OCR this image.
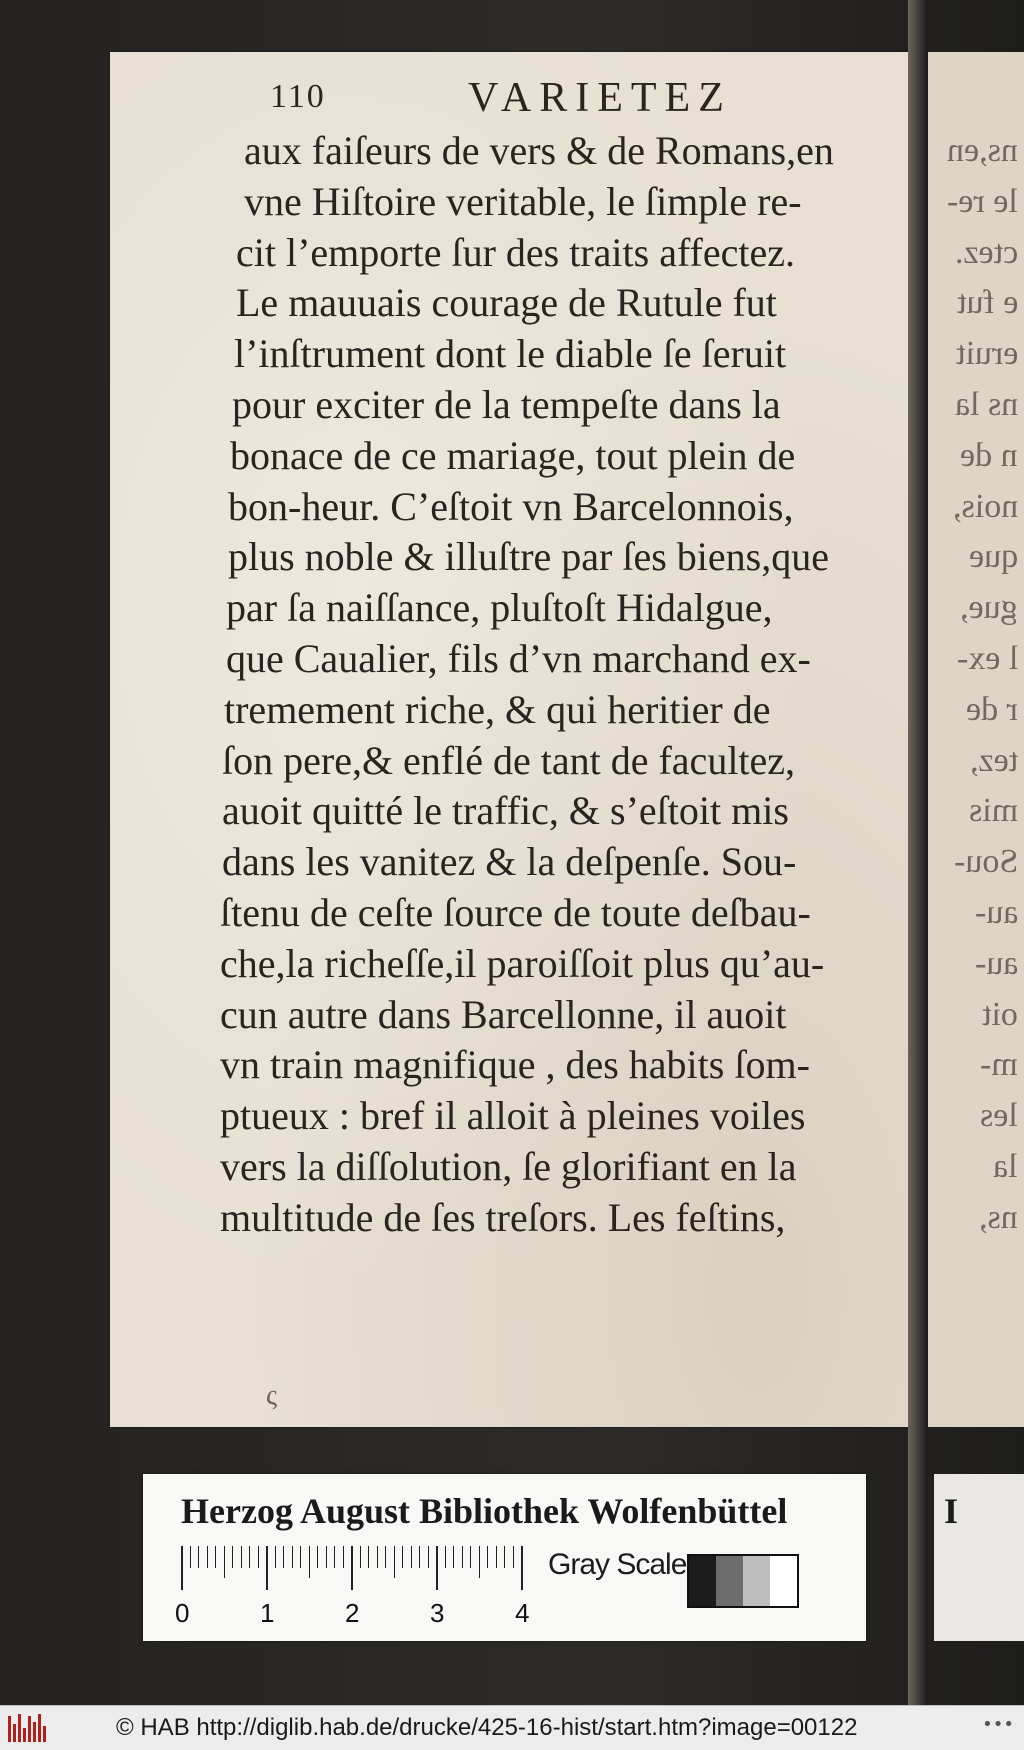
110	VARIETEZ
aux faiſeurs de vers & de Romans,en
vne Hiſtoire veritable, le ſimple re-
cit l’emporte ſur des traits affectez.
Le mauuais courage de Rutule fut
l’inſtrument dont le diable ſe ſeruit
pour exciter de la tempeſte dans la
bonace de ce mariage, tout plein de
bon-heur. C’eſtoit vn Barcelonnois,
plus noble & illuſtre par ſes biens,que
par ſa naiſſance, pluſtoſt Hidalgue,
que Caualier, fils d’vn marchand ex-
tremement riche, & qui heritier de
ſon pere,& enflé de tant de facultez,
auoit quitté le traffic, & s’eſtoit mis
dans les vanitez & la deſpenſe. Sou-
ſtenu de ceſte ſource de toute deſbau-
che,la richeſſe,il paroiſſoit plus qu’au-
cun autre dans Barcellonne, il auoit
vn train magnifique , des habits ſom-
ptueux : bref il alloit à pleines voiles
vers la diſſolution, ſe glorifiant en la
multitude de ſes treſors. Les feſtins,
ς
ns,en
le re-
ctez.
e fut
eruit
ns la
n de
nois,
que
gue,
l ex-
r de
tez,
mis
Sou-
au-
au-
oit
m-
les
la
ns,
Herzog August Bibliothek Wolfenbüttel
0	1	2	3	4
Gray Scale
I
© HAB http://diglib.hab.de/drucke/425-16-hist/start.htm?image=00122	•••
